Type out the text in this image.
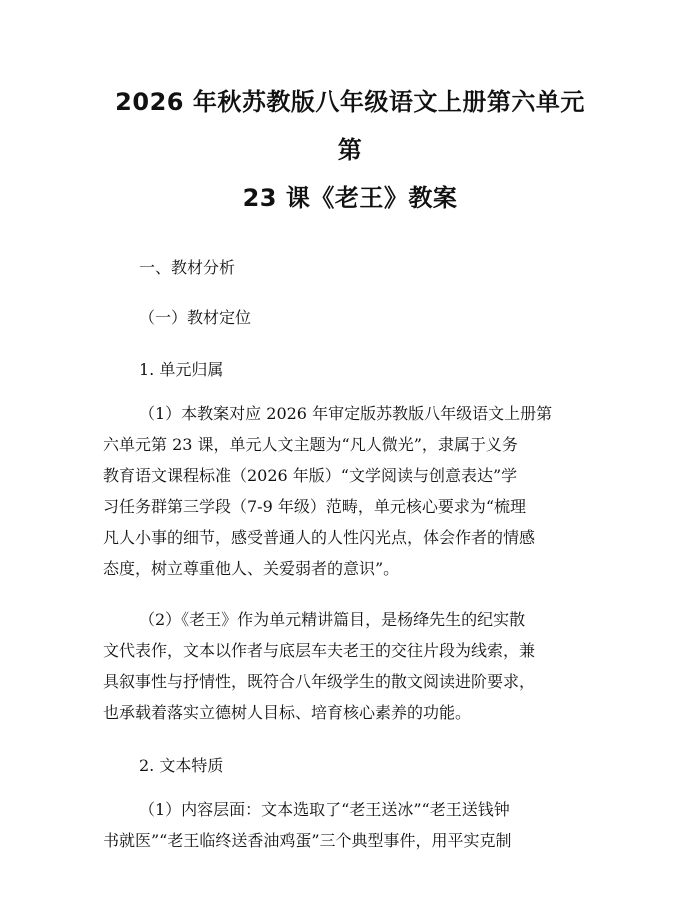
2026 年秋苏教版八年级语文上册第六单元第
23 课《老王》教案
一、教材分析
（一）教材定位
1. 单元归属
（1）本教案对应 2026 年审定版苏教版八年级语文上册第
六单元第 23 课，单元人文主题为“凡人微光”，隶属于义务
教育语文课程标准（2026 年版）“文学阅读与创意表达”学
习任务群第三学段（7-9 年级）范畴，单元核心要求为“梳理
凡人小事的细节，感受普通人的人性闪光点，体会作者的情感
态度，树立尊重他人、关爱弱者的意识”。
（2）《老王》作为单元精讲篇目，是杨绛先生的纪实散
文代表作，文本以作者与底层车夫老王的交往片段为线索，兼
具叙事性与抒情性，既符合八年级学生的散文阅读进阶要求，
也承载着落实立德树人目标、培育核心素养的功能。
2. 文本特质
（1）内容层面：文本选取了“老王送冰”“老王送钱钟
书就医”“老王临终送香油鸡蛋”三个典型事件，用平实克制
